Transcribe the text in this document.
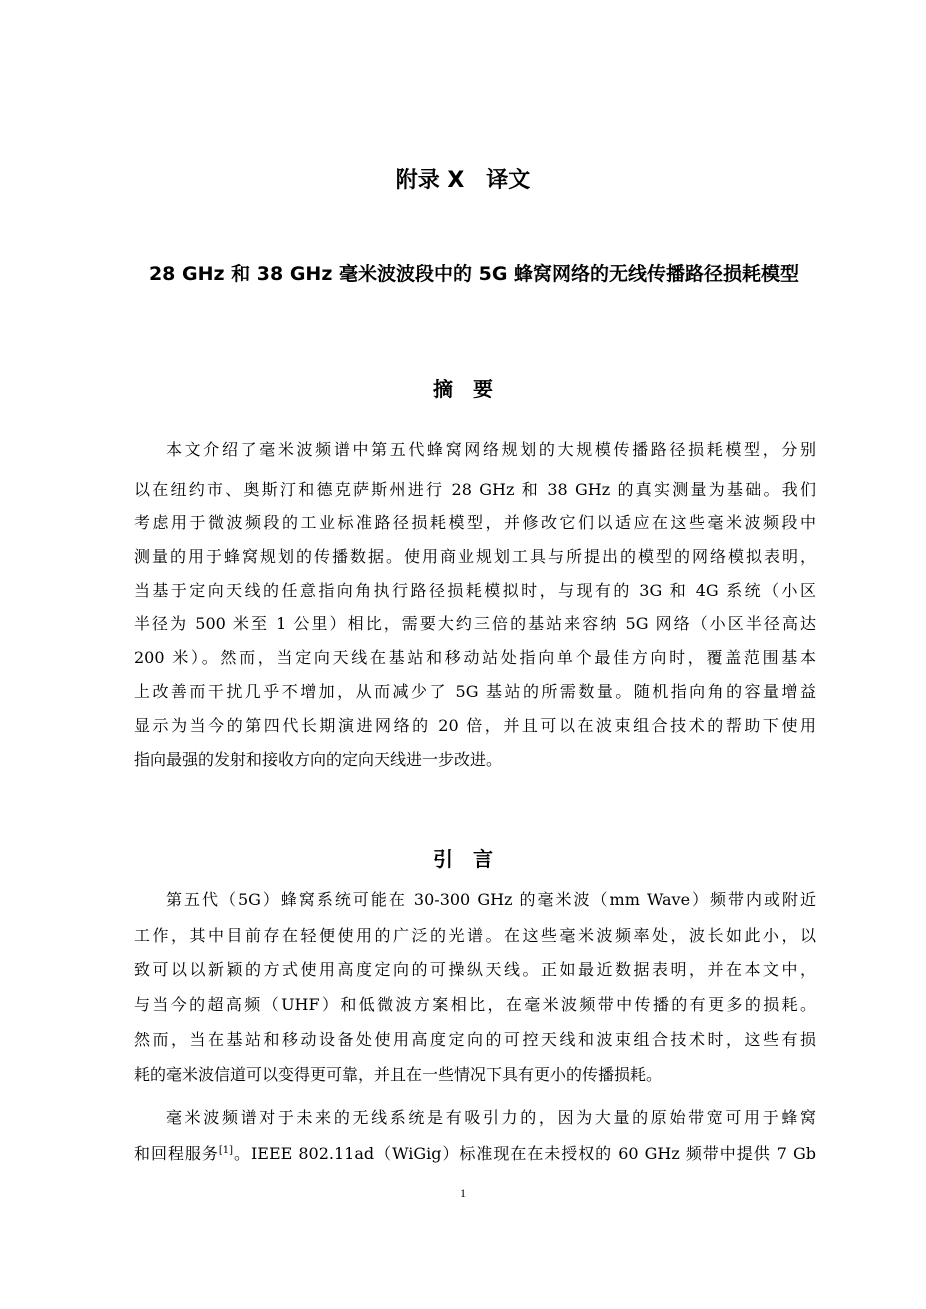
附录 X　译文
28 GHz 和 38 GHz 毫米波波段中的 5G 蜂窝网络的无线传播路径损耗模型
摘　要
本文介绍了毫米波频谱中第五代蜂窝网络规划的大规模传播路径损耗模型，分别
以在纽约市、奥斯汀和德克萨斯州进行 28 GHz 和 38 GHz 的真实测量为基础。我们
考虑用于微波频段的工业标准路径损耗模型，并修改它们以适应在这些毫米波频段中
测量的用于蜂窝规划的传播数据。使用商业规划工具与所提出的模型的网络模拟表明，
当基于定向天线的任意指向角执行路径损耗模拟时，与现有的 3G 和 4G 系统（小区
半径为 500 米至 1 公里）相比，需要大约三倍的基站来容纳 5G 网络（小区半径高达
200 米）。然而，当定向天线在基站和移动站处指向单个最佳方向时，覆盖范围基本
上改善而干扰几乎不增加，从而减少了 5G 基站的所需数量。随机指向角的容量增益
显示为当今的第四代长期演进网络的 20 倍，并且可以在波束组合技术的帮助下使用
指向最强的发射和接收方向的定向天线进一步改进。
引　言
第五代（5G）蜂窝系统可能在 30-300 GHz 的毫米波（mm Wave）频带内或附近
工作，其中目前存在轻便使用的广泛的光谱。在这些毫米波频率处，波长如此小，以
致可以以新颖的方式使用高度定向的可操纵天线。正如最近数据表明，并在本文中，
与当今的超高频（UHF）和低微波方案相比，在毫米波频带中传播的有更多的损耗。
然而，当在基站和移动设备处使用高度定向的可控天线和波束组合技术时，这些有损
耗的毫米波信道可以变得更可靠，并且在一些情况下具有更小的传播损耗。
毫米波频谱对于未来的无线系统是有吸引力的，因为大量的原始带宽可用于蜂窝
和回程服务[1]。IEEE 802.11ad（WiGig）标准现在在未授权的 60 GHz 频带中提供 7 Gb
1
